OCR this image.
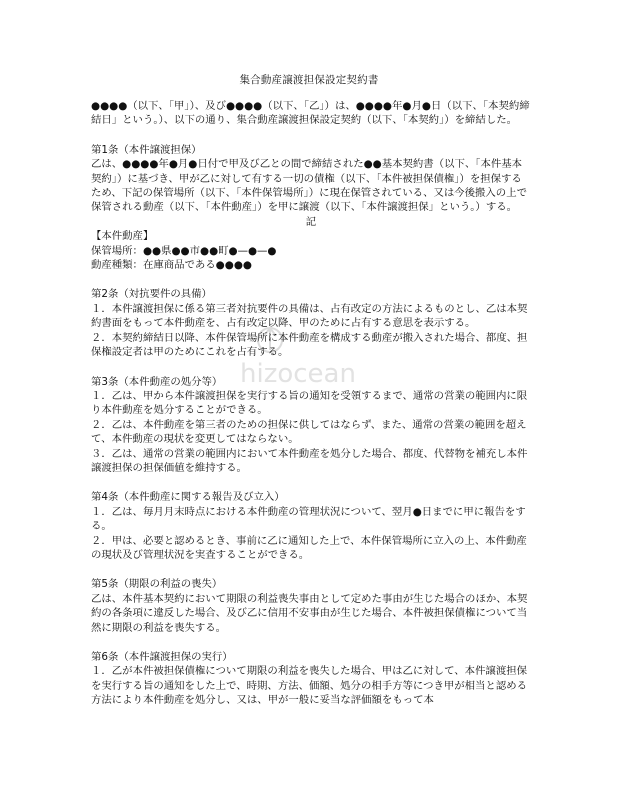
hizocean
集合動産譲渡担保設定契約書

●●●●（以下、「甲」）、及び●●●●（以下、「乙」）は、●●●●年●月●日（以下、「本契約締結日」という。）、以下の通り、集合動産譲渡担保設定契約（以下、「本契約」）を締結した。

第1条（本件譲渡担保）

乙は、●●●●年●月●日付で甲及び乙との間で締結された●●基本契約書（以下、「本件基本契約」）に基づき、甲が乙に対して有する一切の債権（以下、「本件被担保債権」）を担保するため、下記の保管場所（以下、「本件保管場所」）に現在保管されている、又は今後搬入の上で保管される動産（以下、「本件動産」）を甲に譲渡（以下、「本件譲渡担保」という。）する。

記

【本件動産】

保管場所：●●県●●市●●町●—●—●

動産種類：在庫商品である●●●●

第2条（対抗要件の具備）

１．本件譲渡担保に係る第三者対抗要件の具備は、占有改定の方法によるものとし、乙は本契約書面をもって本件動産を、占有改定以降、甲のために占有する意思を表示する。

２．本契約締結日以降、本件保管場所に本件動産を構成する動産が搬入された場合、都度、担保権設定者は甲のためにこれを占有する。

第3条（本件動産の処分等）

１．乙は、甲から本件譲渡担保を実行する旨の通知を受領するまで、通常の営業の範囲内に限り本件動産を処分することができる。

２．乙は、本件動産を第三者のための担保に供してはならず、また、通常の営業の範囲を超えて、本件動産の現状を変更してはならない。

３．乙は、通常の営業の範囲内において本件動産を処分した場合、都度、代替物を補充し本件譲渡担保の担保価値を維持する。

第4条（本件動産に関する報告及び立入）

１．乙は、毎月月末時点における本件動産の管理状況について、翌月●日までに甲に報告をする。

２．甲は、必要と認めるとき、事前に乙に通知した上で、本件保管場所に立入の上、本件動産の現状及び管理状況を実査することができる。

第5条（期限の利益の喪失）

乙は、本件基本契約において期限の利益喪失事由として定めた事由が生じた場合のほか、本契約の各条項に違反した場合、及び乙に信用不安事由が生じた場合、本件被担保債権について当然に期限の利益を喪失する。

第6条（本件譲渡担保の実行）

１．乙が本件被担保債権について期限の利益を喪失した場合、甲は乙に対して、本件譲渡担保を実行する旨の通知をした上で、時期、方法、価額、処分の相手方等につき甲が相当と認める方法により本件動産を処分し、又は、甲が一般に妥当な評価額をもって本
